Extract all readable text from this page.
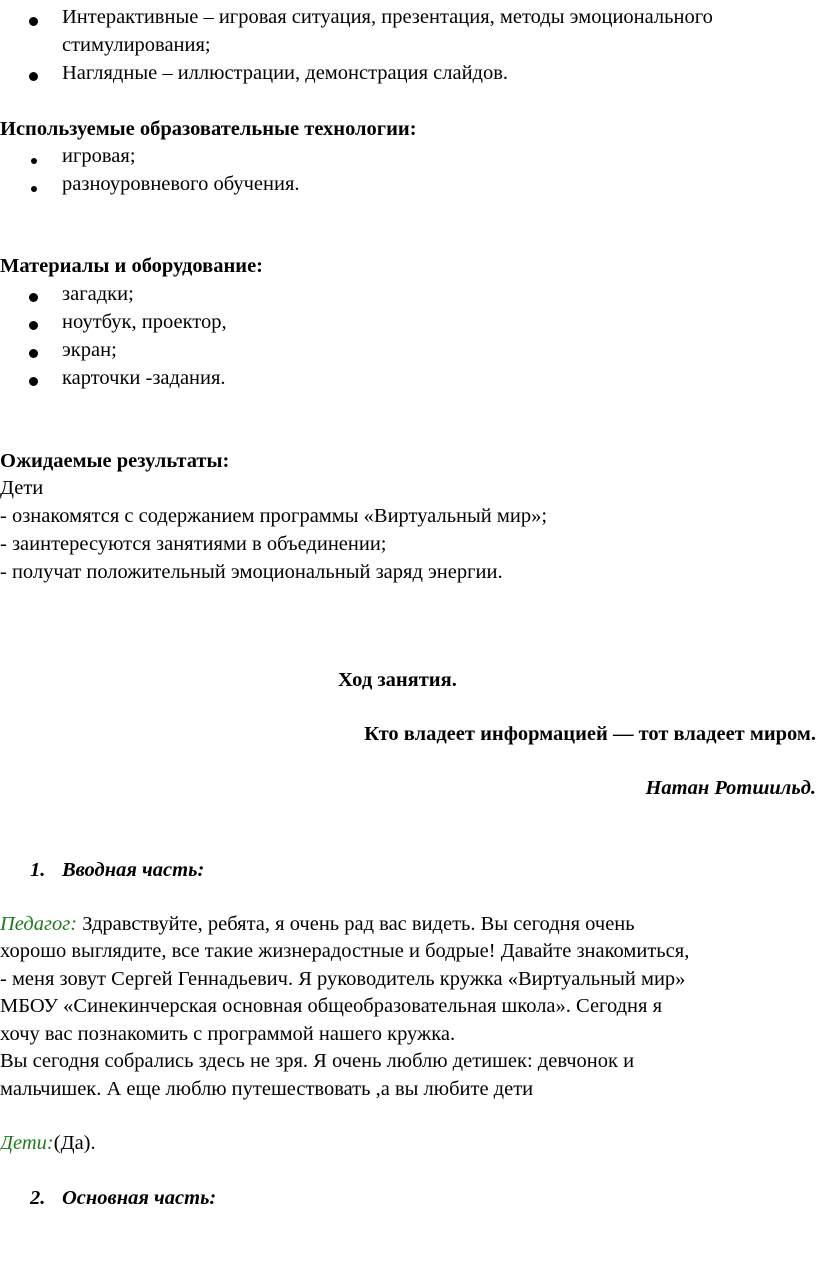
Интерактивные – игровая ситуация, презентация, методы эмоционального
стимулирования;
Наглядные – иллюстрации, демонстрация слайдов.
Используемые образовательные технологии:
игровая;
разноуровневого обучения.
Материалы и оборудование:
загадки;
ноутбук, проектор,
экран;
карточки -задания.
Ожидаемые результаты:
Дети
- ознакомятся с содержанием программы «Виртуальный мир»;
- заинтересуются занятиями в объединении;
- получат положительный эмоциональный заряд энергии.
Ход занятия.
Кто владеет информацией — тот владеет миром.
Натан Ротшильд.
1. Вводная часть:
Педагог: Здравствуйте, ребята, я очень рад вас видеть. Вы сегодня очень
хорошо выглядите, все такие жизнерадостные и бодрые! Давайте знакомиться,
- меня зовут Сергей Геннадьевич. Я руководитель кружка «Виртуальный мир»
МБОУ «Синекинчерская основная общеобразовательная школа». Сегодня я
хочу вас познакомить с программой нашего кружка.
Вы сегодня собрались здесь не зря. Я очень люблю детишек: девчонок и
мальчишек. А еще люблю путешествовать ,а вы любите дети
Дети:(Да).
2. Основная часть:
